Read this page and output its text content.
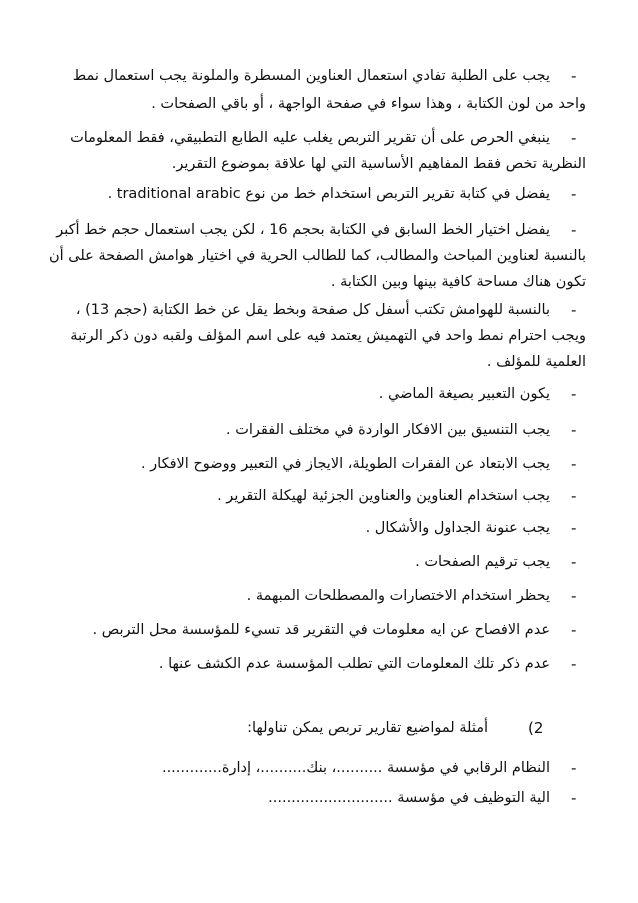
-
يجب على الطلبة تفادي استعمال العناوين المسطرة والملونة يجب استعمال نمط
واحد من لون الكتابة ، وهذا سواء في صفحة الواجهة ، أو باقي الصفحات .
-
ينبغي الحرص على أن تقرير التربص يغلب عليه الطابع التطبيقي، فقط المعلومات
النظرية تخص فقط المفاهيم الأساسية التي لها علاقة بموضوع التقرير.
-
يفضل في كتابة تقرير التربص استخدام خط من نوع traditional arabic .
-
يفضل اختيار الخط السابق في الكتابة بحجم 16 ، لكن يجب استعمال حجم خط أكبر
بالنسبة لعناوين المباحث والمطالب، كما للطالب الحرية في اختيار هوامش الصفحة على أن
تكون هناك مساحة كافية بينها وبين الكتابة .
-
بالنسبة للهوامش تكتب أسفل كل صفحة وبخط يقل عن خط الكتابة (حجم 13) ،
ويجب احترام نمط واحد في التهميش يعتمد فيه على اسم المؤلف ولقبه دون ذكر الرتبة
العلمية للمؤلف .
-
يكون التعبير بصيغة الماضي .
-
يجب التنسيق بين الافكار الواردة في مختلف الفقرات .
-
يجب الابتعاد عن الفقرات الطويلة، الايجاز في التعبير ووضوح الافكار .
-
يجب استخدام العناوين والعناوين الجزئية لهيكلة التقرير .
-
يجب عنونة الجداول والأشكال .
-
يجب ترقيم الصفحات .
-
يحظر استخدام الاختصارات والمصطلحات المبهمة .
-
عدم الافصاح عن ايه معلومات في التقرير قد تسيء للمؤسسة محل التربص .
-
عدم ذكر تلك المعلومات التي تطلب المؤسسة عدم الكشف عنها .
(2
أمثلة لمواضيع تقارير تربص يمكن تناولها:
-
النظام الرقابي في مؤسسة ..........، بنك..........، إدارة.............
-
الية التوظيف في مؤسسة ...........................
